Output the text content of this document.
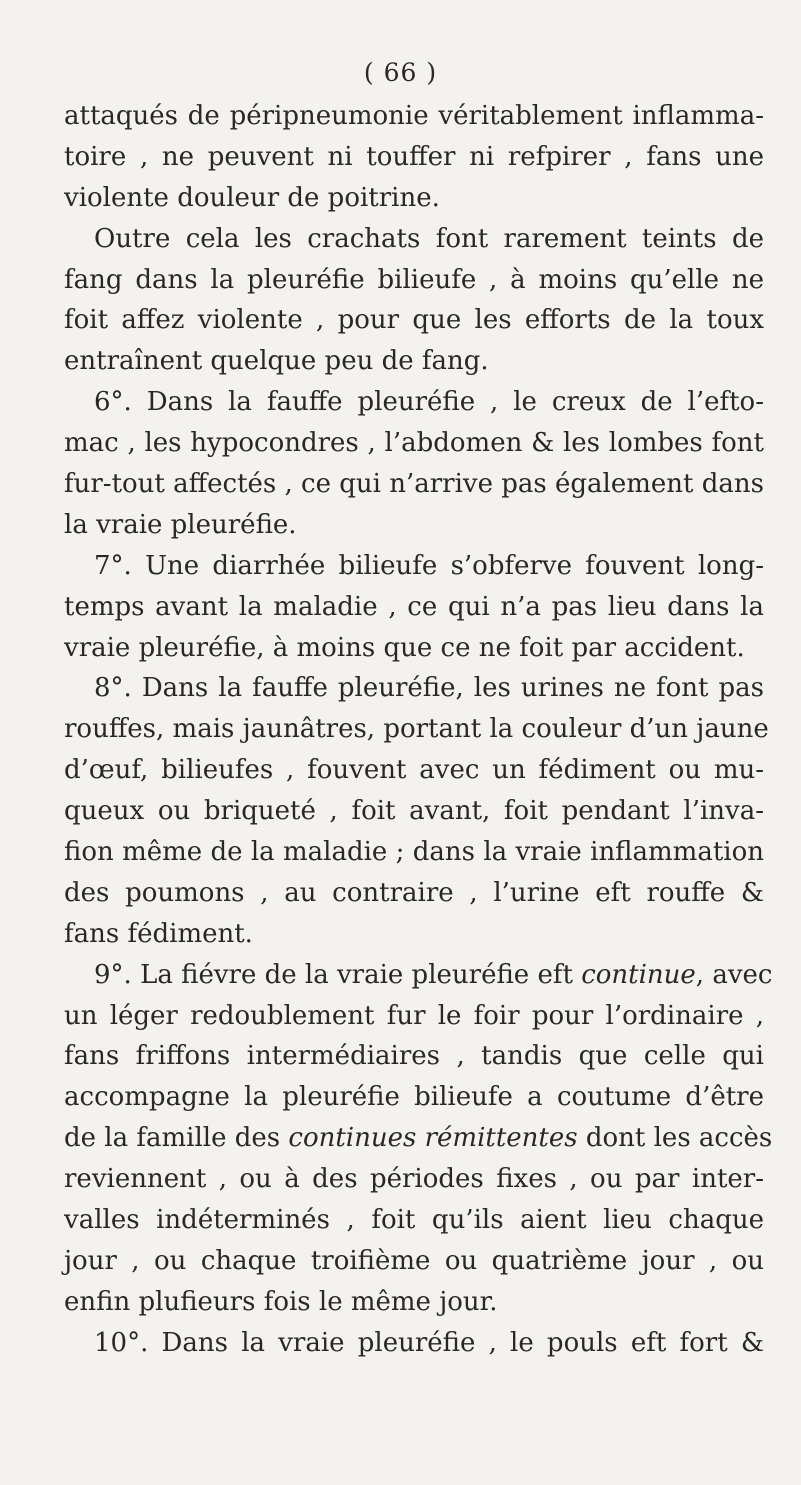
( 66 )
attaqués de péripneumonie véritablement inflamma-
toire , ne peuvent ni touffer ni refpirer , fans une
violente douleur de poitrine.
Outre cela les crachats font rarement teints de
fang dans la pleuréfie bilieufe , à moins qu’elle ne
foit affez violente , pour que les efforts de la toux
entraînent quelque peu de fang.
6°. Dans la fauffe pleuréfie , le creux de l’efto-
mac , les hypocondres , l’abdomen & les lombes font
fur-tout affectés , ce qui n’arrive pas également dans
la vraie pleuréfie.
7°. Une diarrhée bilieufe s’obferve fouvent long-
temps avant la maladie , ce qui n’a pas lieu dans la
vraie pleuréfie, à moins que ce ne foit par accident.
8°. Dans la fauffe pleuréfie, les urines ne font pas
rouffes, mais jaunâtres, portant la couleur d’un jaune
d’œuf, bilieufes , fouvent avec un fédiment ou mu-
queux ou briqueté , foit avant, foit pendant l’inva-
fion même de la maladie ; dans la vraie inflammation
des poumons , au contraire , l’urine eft rouffe &
fans fédiment.
9°. La fiévre de la vraie pleuréfie eft continue, avec
un léger redoublement fur le foir pour l’ordinaire ,
fans friffons intermédiaires , tandis que celle qui
accompagne la pleuréfie bilieufe a coutume d’être
de la famille des continues rémittentes dont les accès
reviennent , ou à des périodes fixes , ou par inter-
valles indéterminés , foit qu’ils aient lieu chaque
jour , ou chaque troifième ou quatrième jour , ou
enfin plufieurs fois le même jour.
10°. Dans la vraie pleuréfie , le pouls eft fort &
